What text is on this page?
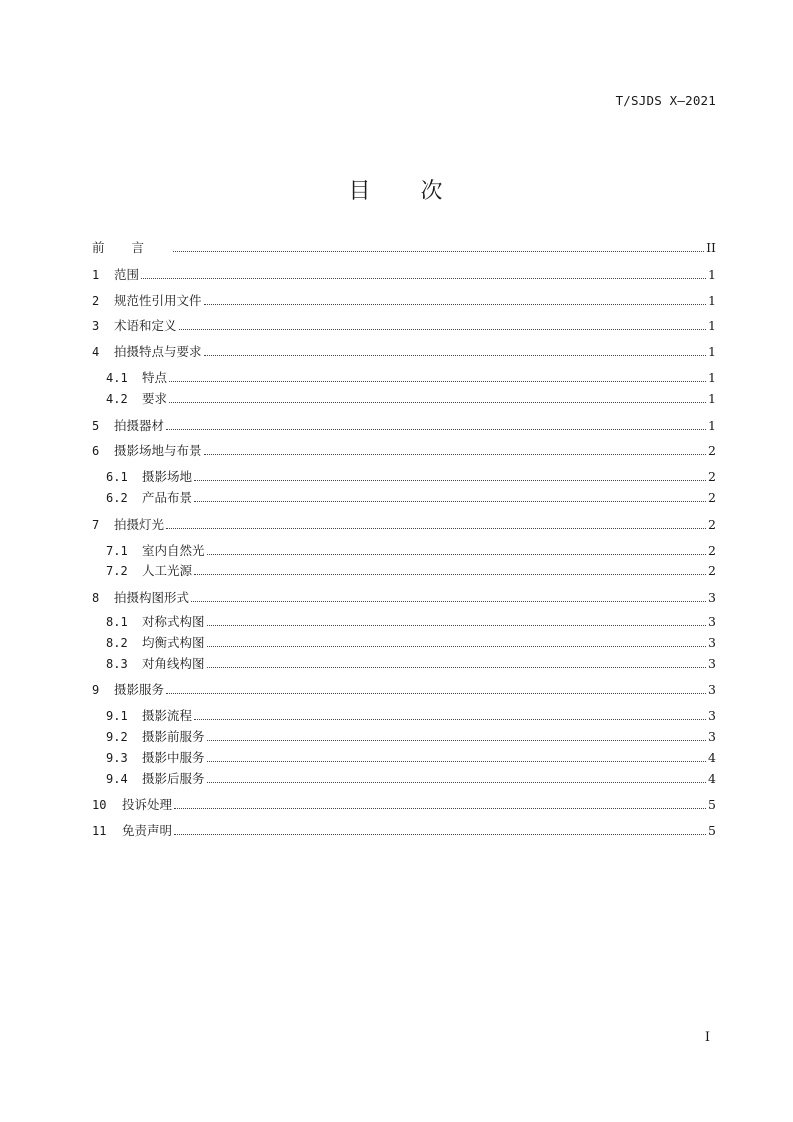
T/SJDS X—2021
目 次
前言	II
1	范围	1
2	规范性引用文件	1
3	术语和定义	1
4	拍摄特点与要求	1
4.1	特点	1
4.2	要求	1
5	拍摄器材	1
6	摄影场地与布景	2
6.1	摄影场地	2
6.2	产品布景	2
7	拍摄灯光	2
7.1	室内自然光	2
7.2	人工光源	2
8	拍摄构图形式	3
8.1	对称式构图	3
8.2	均衡式构图	3
8.3	对角线构图	3
9	摄影服务	3
9.1	摄影流程	3
9.2	摄影前服务	3
9.3	摄影中服务	4
9.4	摄影后服务	4
10	投诉处理	5
11	免责声明	5
I
